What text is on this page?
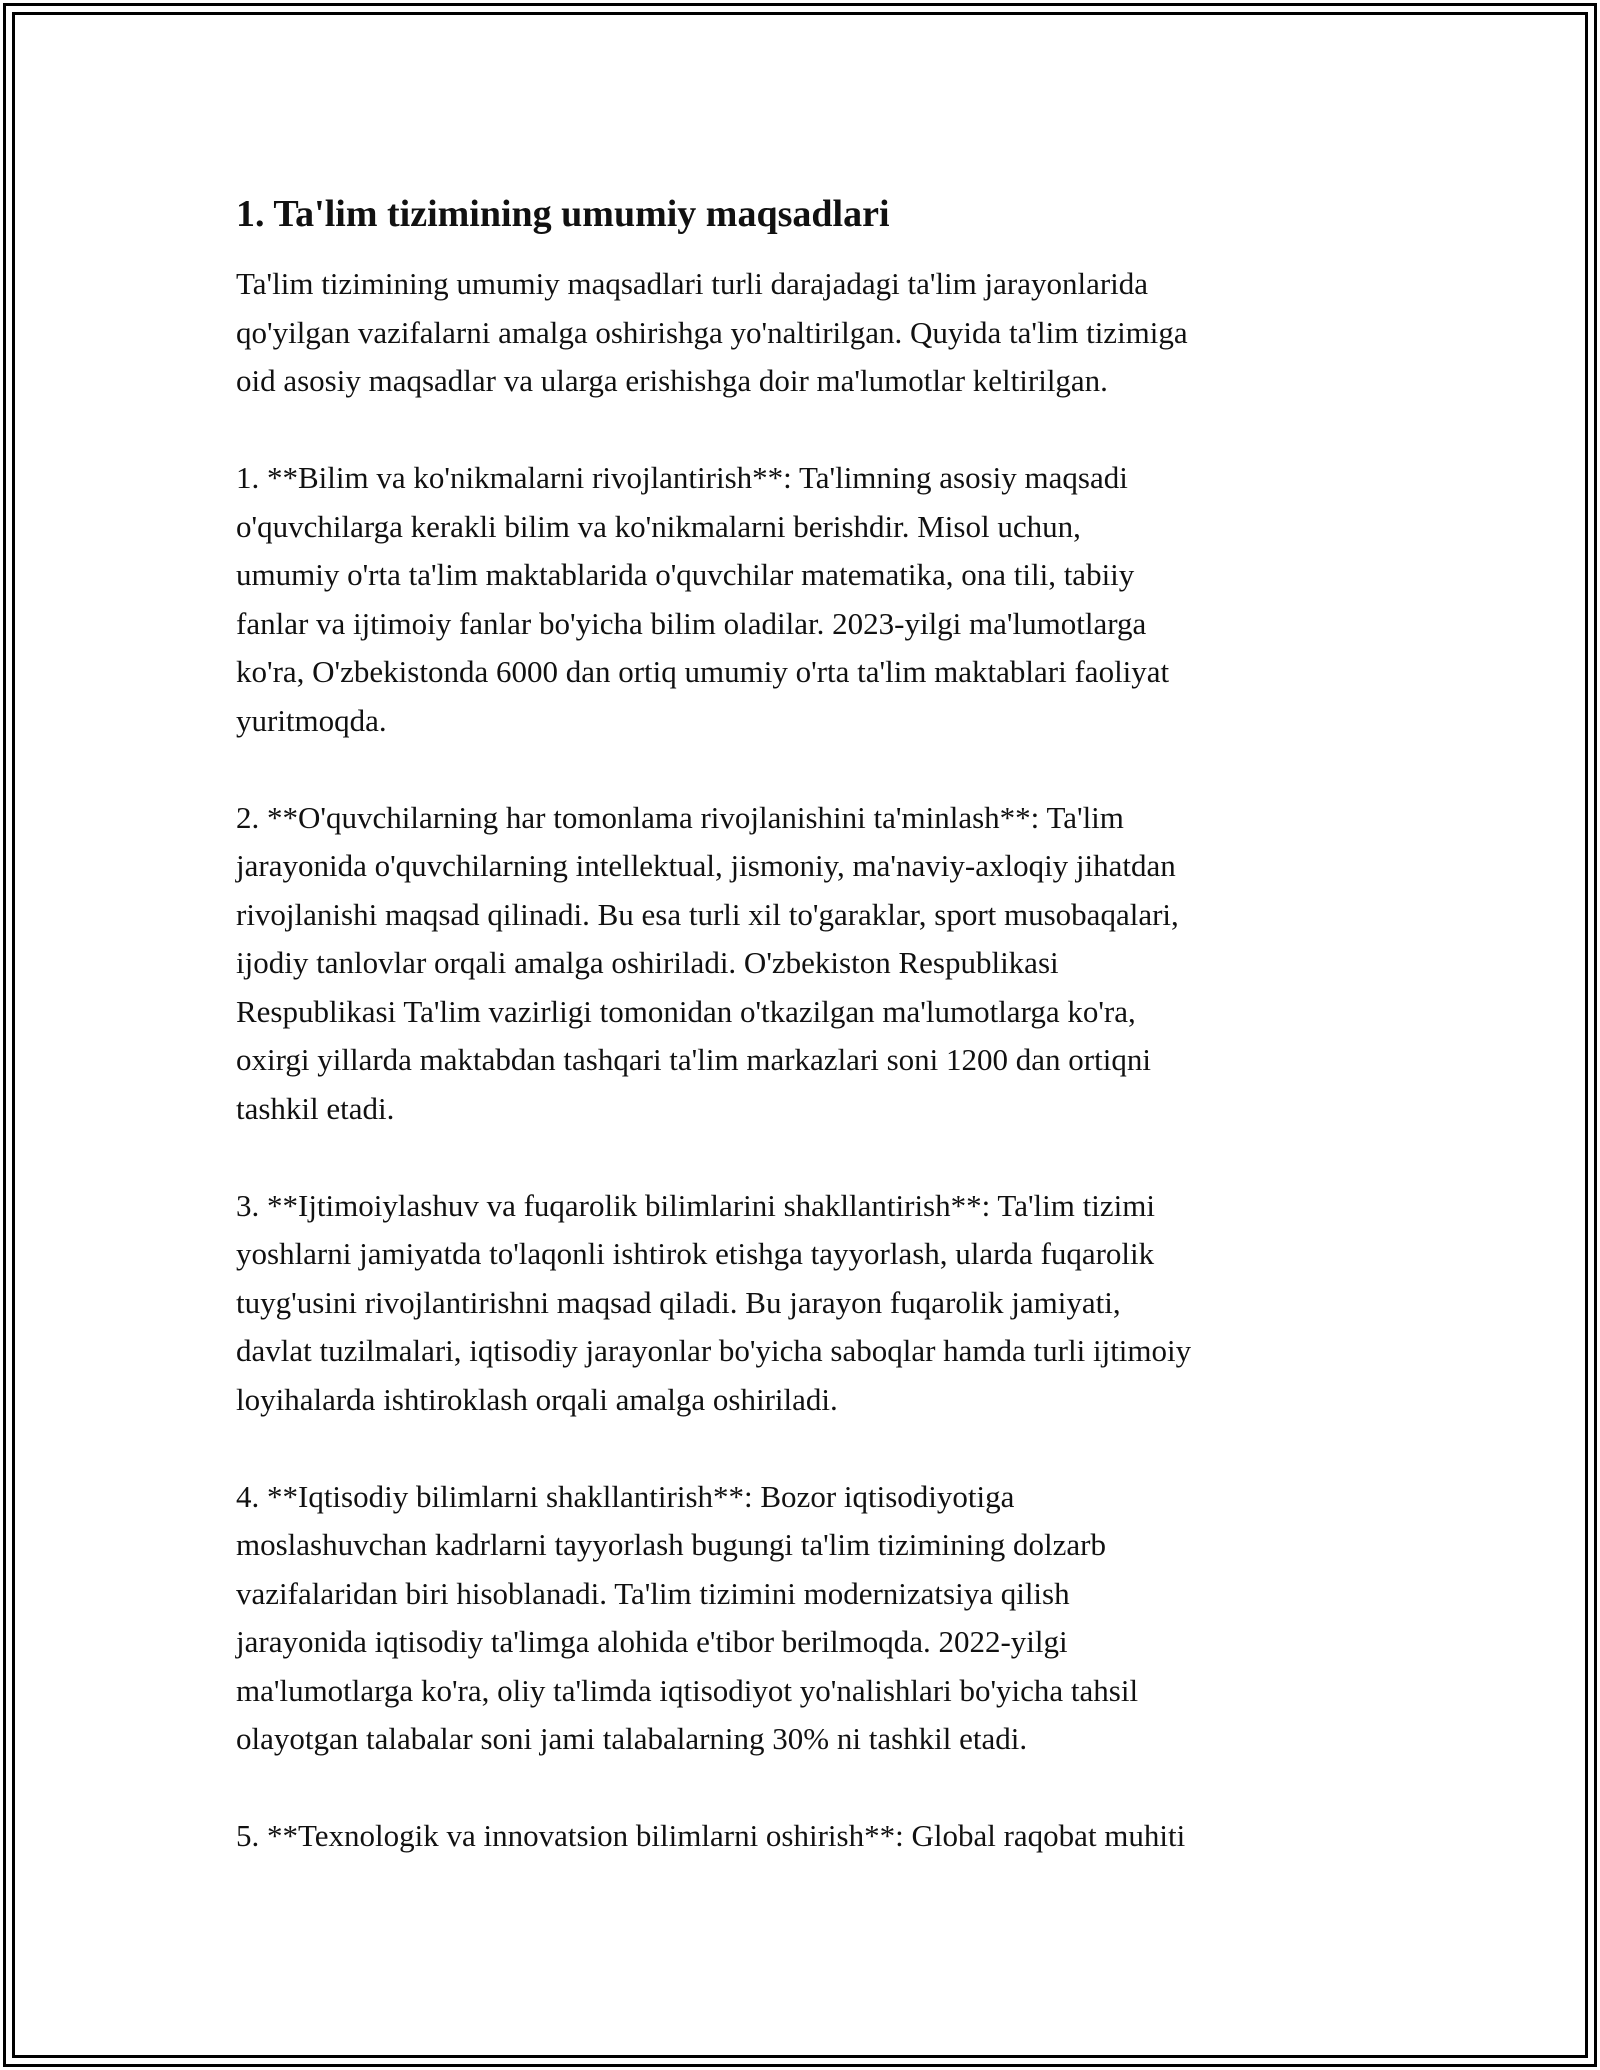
1. Ta'lim tizimining umumiy maqsadlari

Ta'lim tizimining umumiy maqsadlari turli darajadagi ta'lim jarayonlarida
qo'yilgan vazifalarni amalga oshirishga yo'naltirilgan. Quyida ta'lim tizimiga
oid asosiy maqsadlar va ularga erishishga doir ma'lumotlar keltirilgan.

1. **Bilim va ko'nikmalarni rivojlantirish**: Ta'limning asosiy maqsadi
o'quvchilarga kerakli bilim va ko'nikmalarni berishdir. Misol uchun,
umumiy o'rta ta'lim maktablarida o'quvchilar matematika, ona tili, tabiiy
fanlar va ijtimoiy fanlar bo'yicha bilim oladilar. 2023-yilgi ma'lumotlarga
ko'ra, O'zbekistonda 6000 dan ortiq umumiy o'rta ta'lim maktablari faoliyat
yuritmoqda.

2. **O'quvchilarning har tomonlama rivojlanishini ta'minlash**: Ta'lim
jarayonida o'quvchilarning intellektual, jismoniy, ma'naviy-axloqiy jihatdan
rivojlanishi maqsad qilinadi. Bu esa turli xil to'garaklar, sport musobaqalari,
ijodiy tanlovlar orqali amalga oshiriladi. O'zbekiston Respublikasi
Respublikasi Ta'lim vazirligi tomonidan o'tkazilgan ma'lumotlarga ko'ra,
oxirgi yillarda maktabdan tashqari ta'lim markazlari soni 1200 dan ortiqni
tashkil etadi.

3. **Ijtimoiylashuv va fuqarolik bilimlarini shakllantirish**: Ta'lim tizimi
yoshlarni jamiyatda to'laqonli ishtirok etishga tayyorlash, ularda fuqarolik
tuyg'usini rivojlantirishni maqsad qiladi. Bu jarayon fuqarolik jamiyati,
davlat tuzilmalari, iqtisodiy jarayonlar bo'yicha saboqlar hamda turli ijtimoiy
loyihalarda ishtiroklash orqali amalga oshiriladi.

4. **Iqtisodiy bilimlarni shakllantirish**: Bozor iqtisodiyotiga
moslashuvchan kadrlarni tayyorlash bugungi ta'lim tizimining dolzarb
vazifalaridan biri hisoblanadi. Ta'lim tizimini modernizatsiya qilish
jarayonida iqtisodiy ta'limga alohida e'tibor berilmoqda. 2022-yilgi
ma'lumotlarga ko'ra, oliy ta'limda iqtisodiyot yo'nalishlari bo'yicha tahsil
olayotgan talabalar soni jami talabalarning 30% ni tashkil etadi.

5. **Texnologik va innovatsion bilimlarni oshirish**: Global raqobat muhiti
